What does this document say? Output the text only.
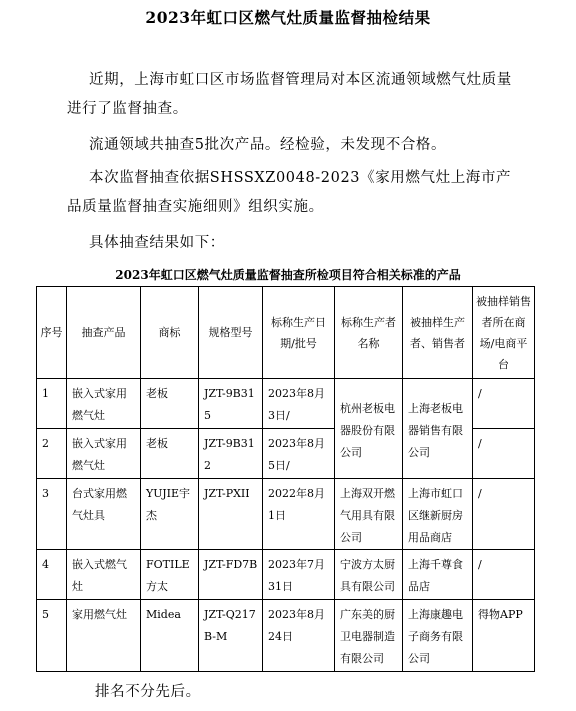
2023年虹口区燃气灶质量监督抽检结果

近期，上海市虹口区市场监督管理局对本区流通领域燃气灶质量进行了监督抽查。

流通领域共抽查5批次产品。经检验，未发现不合格。

本次监督抽查依据SHSSXZ0048-2023《家用燃气灶上海市产品质量监督抽查实施细则》组织实施。

具体抽查结果如下：

2023年虹口区燃气灶质量监督抽查所检项目符合相关标准的产品
序号	抽查产品	商标	规格型号	标称生产日期/批号	标称生产者名称	被抽样生产者、销售者	被抽样销售者所在商场/电商平台
1	嵌入式家用燃气灶	老板	JZT-9B315	2023年8月3日/	杭州老板电器股份有限公司	上海老板电器销售有限公司	/
2	嵌入式家用燃气灶	老板	JZT-9B312	2023年8月5日/			/
3	台式家用燃气灶具	YUJIE宇杰	JZT-PXII	2022年8月1日	上海双开燃气用具有限公司	上海市虹口区继新厨房用品商店	/
4	嵌入式燃气灶	FOTILE方太	JZT-FD7B	2023年7月31日	宁波方太厨具有限公司	上海千尊食品店	/
5	家用燃气灶	Midea	JZT-Q217B-M	2023年8月24日	广东美的厨卫电器制造有限公司	上海康趣电子商务有限公司	得物APP

排名不分先后。
